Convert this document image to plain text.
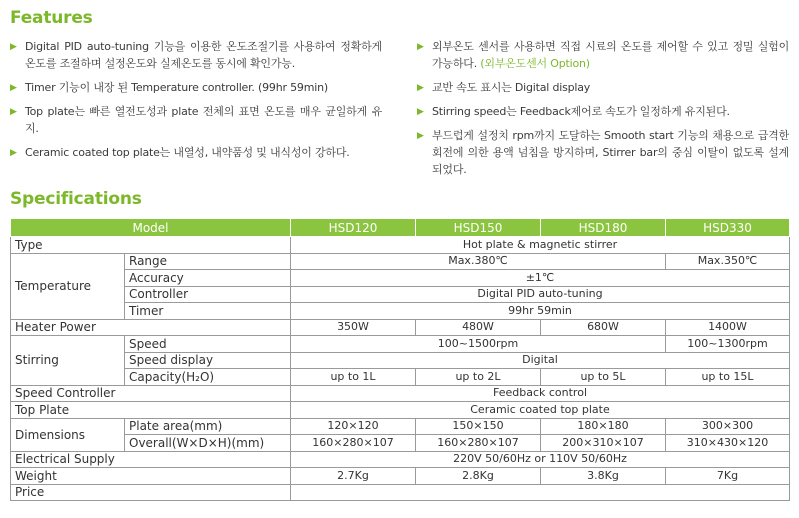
Features
▶ Digital PID auto-tuning 기능을 이용한 온도조절기를 사용하여 정확하게 온도를 조절하며 설정온도와 실제온도를 동시에 확인가능.
▶ Timer 기능이 내장 된 Temperature controller. (99hr 59min)
▶ Top plate는 빠른 열전도성과 plate 전체의 표면 온도를 매우 균일하게 유지.
▶ Ceramic coated top plate는 내열성, 내약품성 및 내식성이 강하다.
▶ 외부온도 센서를 사용하면 직접 시료의 온도를 제어할 수 있고 정밀 실험이 가능하다. (외부온도센서 Option)
▶ 교반 속도 표시는 Digital display
▶ Stirring speed는 Feedback제어로 속도가 일정하게 유지된다.
▶ 부드럽게 설정치 rpm까지 도달하는 Smooth start 기능의 채용으로 급격한 회전에 의한 용액 넘침을 방지하며, Stirrer bar의 중심 이탈이 없도록 설계되었다.
Specifications
Model		HSD120	HSD150	HSD180	HSD330
Type		Hot plate & magnetic stirrer			
Temperature	Range	Max.380℃			Max.350℃
	Accuracy	±1℃			
	Controller	Digital PID auto-tuning			
	Timer	99hr 59min			
Heater Power		350W	480W	680W	1400W
Stirring	Speed	100~1500rpm			100~1300rpm
	Speed display	Digital			
	Capacity(H₂O)	up to 1L	up to 2L	up to 5L	up to 15L
Speed Controller		Feedback control			
Top Plate		Ceramic coated top plate			
Dimensions	Plate area(mm)	120×120	150×150	180×180	300×300
	Overall(W×D×H)(mm)	160×280×107	160×280×107	200×310×107	310×430×120
Electrical Supply		220V 50/60Hz or 110V 50/60Hz			
Weight		2.7Kg	2.8Kg	3.8Kg	7Kg
Price					
